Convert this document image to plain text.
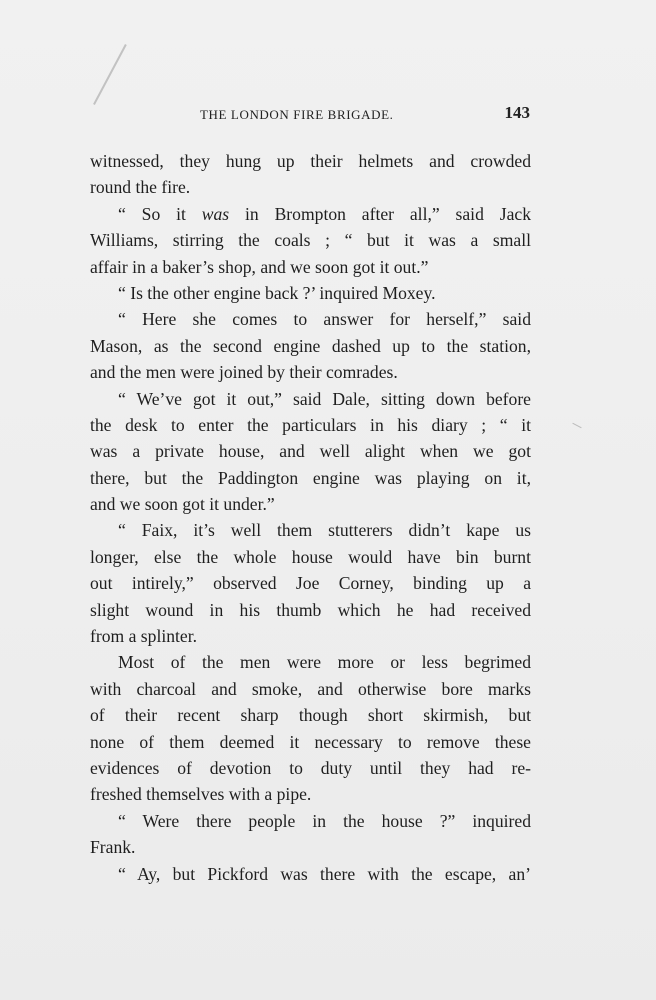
THE LONDON FIRE BRIGADE.	143
witnessed, they hung up their helmets and crowded
round the fire.
“ So it was in Brompton after all,” said Jack
Williams, stirring the coals ; “ but it was a small
affair in a baker’s shop, and we soon got it out.”
“ Is the other engine back ?’ inquired Moxey.
“ Here she comes to answer for herself,” said
Mason, as the second engine dashed up to the station,
and the men were joined by their comrades.
“ We’ve got it out,” said Dale, sitting down before
the desk to enter the particulars in his diary ; “ it
was a private house, and well alight when we got
there, but the Paddington engine was playing on it,
and we soon got it under.”
“ Faix, it’s well them stutterers didn’t kape us
longer, else the whole house would have bin burnt
out intirely,” observed Joe Corney, binding up a
slight wound in his thumb which he had received
from a splinter.
Most of the men were more or less begrimed
with charcoal and smoke, and otherwise bore marks
of their recent sharp though short skirmish, but
none of them deemed it necessary to remove these
evidences of devotion to duty until they had re-
freshed themselves with a pipe.
“ Were there people in the house ?” inquired
Frank.
“ Ay, but Pickford was there with the escape, an’
